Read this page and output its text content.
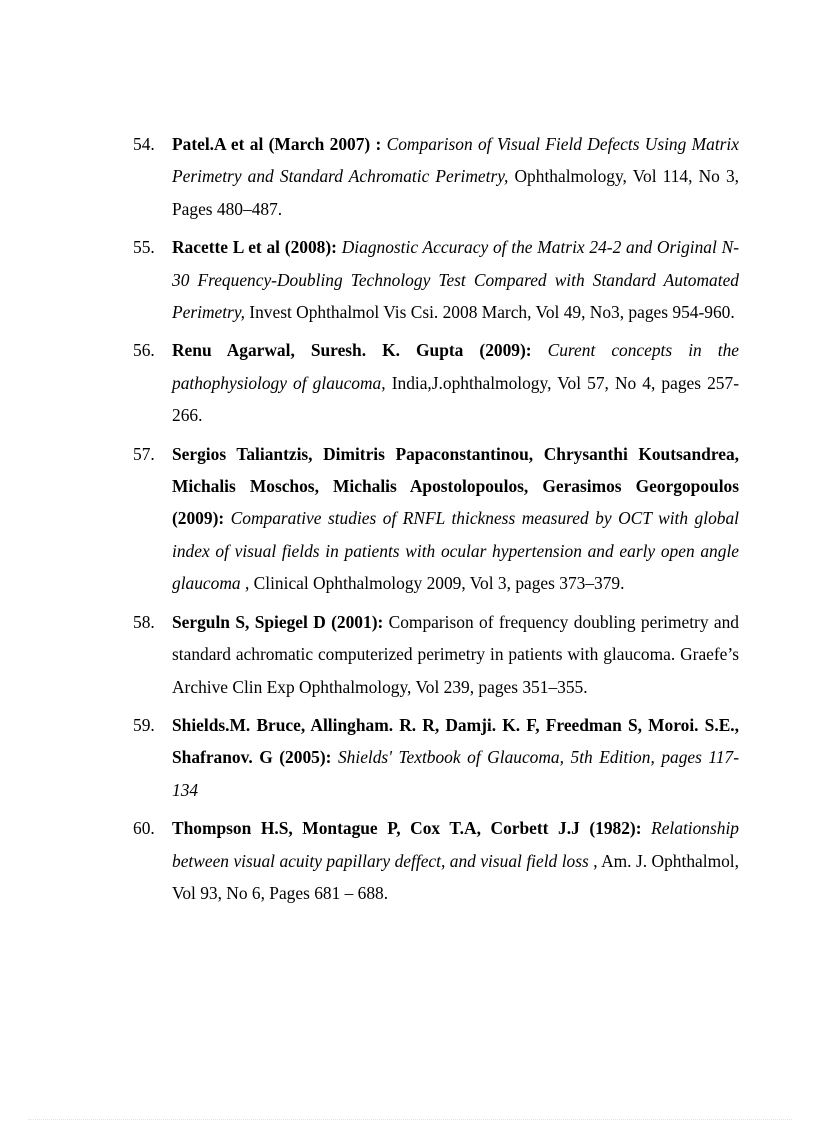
54. Patel.A et al (March 2007) : Comparison of Visual Field Defects Using Matrix Perimetry and Standard Achromatic Perimetry, Ophthalmology, Vol 114, No 3, Pages 480–487.
55. Racette L et al (2008): Diagnostic Accuracy of the Matrix 24-2 and Original N-30 Frequency-Doubling Technology Test Compared with Standard Automated Perimetry, Invest Ophthalmol Vis Csi. 2008 March, Vol 49, No3, pages 954-960.
56. Renu Agarwal, Suresh. K. Gupta (2009): Curent concepts in the pathophysiology of glaucoma, India,J.ophthalmology, Vol 57, No 4, pages 257-266.
57. Sergios Taliantzis, Dimitris Papaconstantinou, Chrysanthi Koutsandrea, Michalis Moschos, Michalis Apostolopoulos, Gerasimos Georgopoulos (2009): Comparative studies of RNFL thickness measured by OCT with global index of visual fields in patients with ocular hypertension and early open angle glaucoma , Clinical Ophthalmology 2009, Vol 3, pages 373–379.
58. Serguln S, Spiegel D (2001): Comparison of frequency doubling perimetry and standard achromatic computerized perimetry in patients with glaucoma. Graefe’s Archive Clin Exp Ophthalmology, Vol 239, pages 351–355.
59. Shields.M. Bruce, Allingham. R. R, Damji. K. F, Freedman S, Moroi. S.E., Shafranov. G (2005): Shields' Textbook of Glaucoma, 5th Edition, pages 117-134
60. Thompson H.S, Montague P, Cox T.A, Corbett J.J (1982): Relationship between visual acuity papillary deffect, and visual field loss , Am. J. Ophthalmol, Vol 93, No 6, Pages 681 – 688.
